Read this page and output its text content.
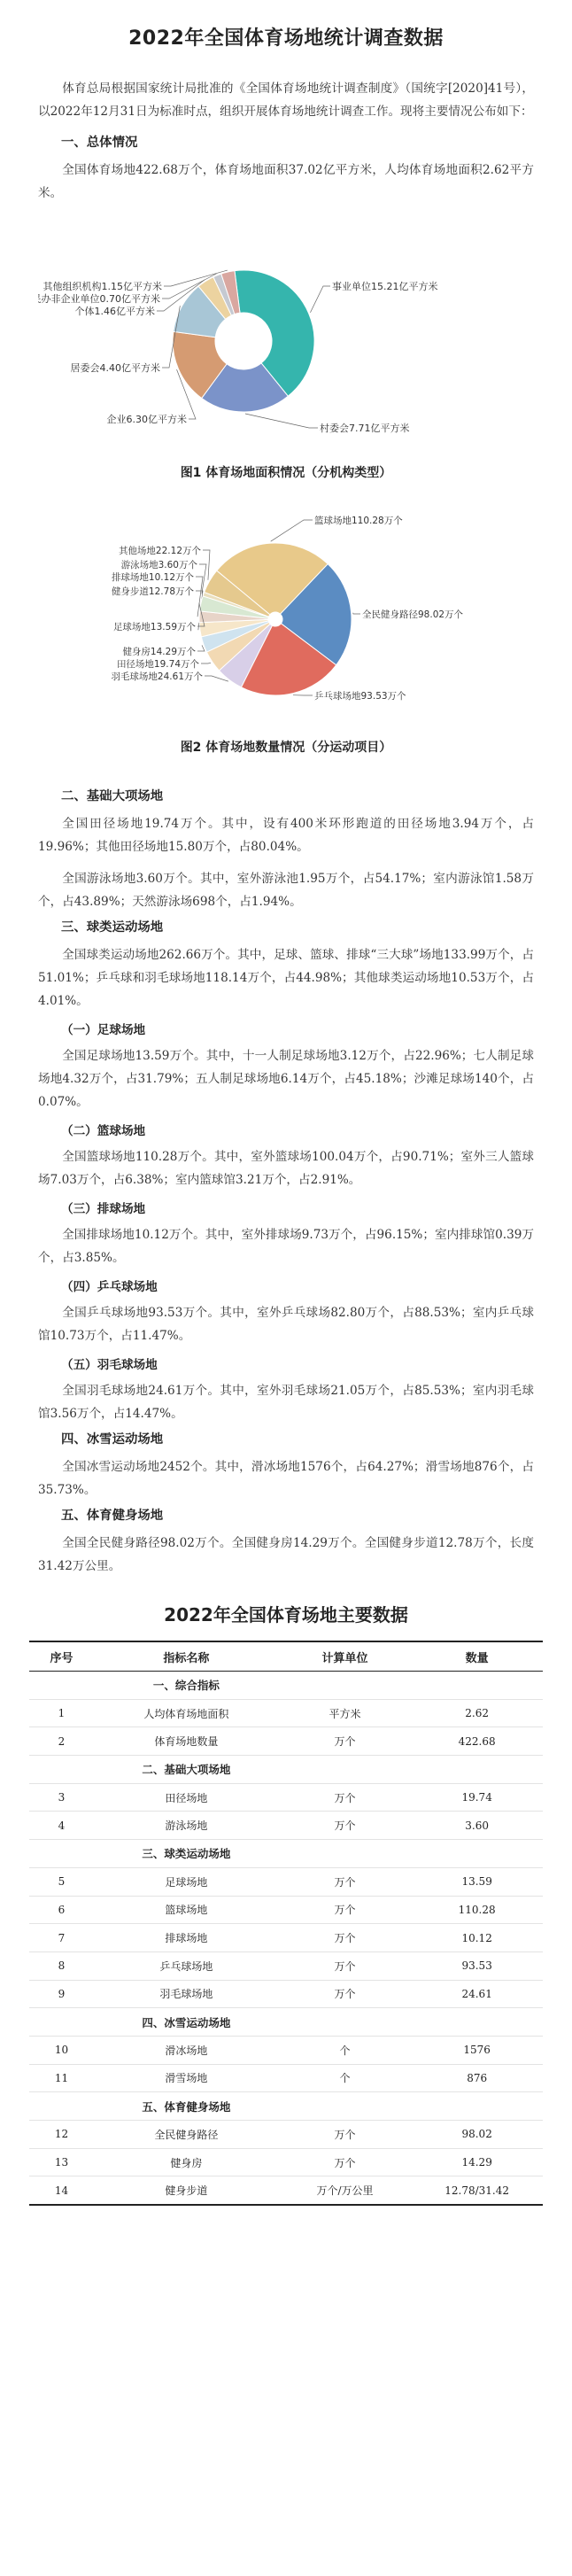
2022年全国体育场地统计调查数据

体育总局根据国家统计局批准的《全国体育场地统计调查制度》（国统字[2020]41号），以2022年12月31日为标准时点，组织开展体育场地统计调查工作。现将主要情况公布如下：

一、总体情况

全国体育场地422.68万个，体育场地面积37.02亿平方米，人均体育场地面积2.62平方米。

事业单位15.21亿平方米
村委会7.71亿平方米
企业6.30亿平方米
居委会4.40亿平方米
个体1.46亿平方米
民办非企业单位0.70亿平方米
其他组织机构1.15亿平方米
图1 体育场地面积情况（分机构类型）
篮球场地110.28万个
全民健身路径98.02万个
乒乓球场地93.53万个
羽毛球场地24.61万个
田径场地19.74万个
健身房14.29万个
健身步道12.78万个
排球场地10.12万个
足球场地13.59万个
游泳场地3.60万个
其他场地22.12万个
图2 体育场地数量情况（分运动项目）
二、基础大项场地

全国田径场地19.74万个。其中，设有400米环形跑道的田径场地3.94万个，占19.96%；其他田径场地15.80万个，占80.04%。

全国游泳场地3.60万个。其中，室外游泳池1.95万个，占54.17%；室内游泳馆1.58万个，占43.89%；天然游泳场698个，占1.94%。

三、球类运动场地

全国球类运动场地262.66万个。其中，足球、篮球、排球“三大球”场地133.99万个，占51.01%；乒乓球和羽毛球场地118.14万个，占44.98%；其他球类运动场地10.53万个，占4.01%。

（一）足球场地

全国足球场地13.59万个。其中，十一人制足球场地3.12万个，占22.96%；七人制足球场地4.32万个，占31.79%；五人制足球场地6.14万个，占45.18%；沙滩足球场140个，占0.07%。

（二）篮球场地

全国篮球场地110.28万个。其中，室外篮球场100.04万个，占90.71%；室外三人篮球场7.03万个，占6.38%；室内篮球馆3.21万个，占2.91%。

（三）排球场地

全国排球场地10.12万个。其中，室外排球场9.73万个，占96.15%；室内排球馆0.39万个，占3.85%。

（四）乒乓球场地

全国乒乓球场地93.53万个。其中，室外乒乓球场82.80万个，占88.53%；室内乒乓球馆10.73万个，占11.47%。

（五）羽毛球场地

全国羽毛球场地24.61万个。其中，室外羽毛球场21.05万个，占85.53%；室内羽毛球馆3.56万个，占14.47%。

四、冰雪运动场地

全国冰雪运动场地2452个。其中，滑冰场地1576个，占64.27%；滑雪场地876个，占35.73%。

五、体育健身场地

全国全民健身路径98.02万个。全国健身房14.29万个。全国健身步道12.78万个，长度31.42万公里。

2022年全国体育场地主要数据
序号	指标名称	计算单位	数量
	一、综合指标		
1	人均体育场地面积	平方米	2.62
2	体育场地数量	万个	422.68
	二、基础大项场地		
3	田径场地	万个	19.74
4	游泳场地	万个	3.60
	三、球类运动场地		
5	足球场地	万个	13.59
6	篮球场地	万个	110.28
7	排球场地	万个	10.12
8	乒乓球场地	万个	93.53
9	羽毛球场地	万个	24.61
	四、冰雪运动场地		
10	滑冰场地	个	1576
11	滑雪场地	个	876
	五、体育健身场地		
12	全民健身路径	万个	98.02
13	健身房	万个	14.29
14	健身步道	万个/万公里	12.78/31.42
